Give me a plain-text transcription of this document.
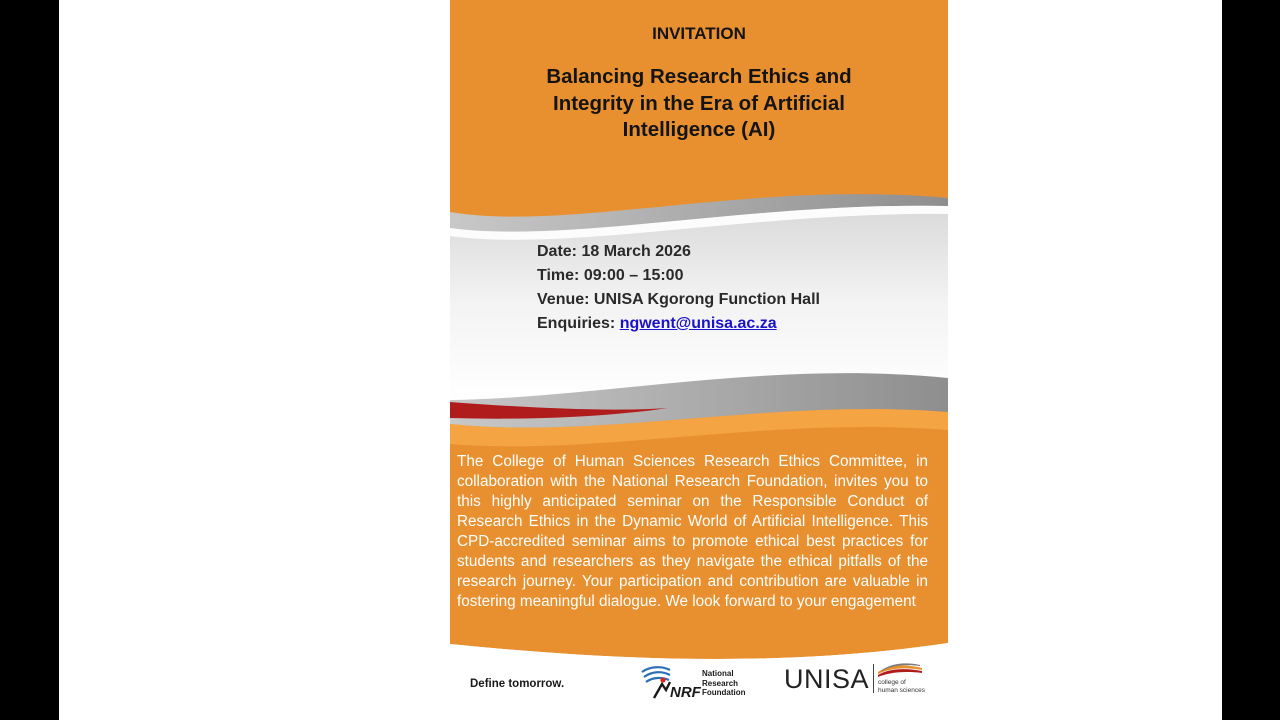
INVITATION
Balancing Research Ethics and
Integrity in the Era of Artificial
Intelligence (AI)
Date: 18 March 2026
Time: 09:00 – 15:00
Venue: UNISA Kgorong Function Hall
Enquiries: ngwent@unisa.ac.za
The College of Human Sciences Research Ethics Committee, in collaboration with the National Research Foundation, invites you to this highly anticipated seminar on the Responsible Conduct of Research Ethics in the Dynamic World of Artificial Intelligence. This CPD-accredited seminar aims to promote ethical best practices for students and researchers as they navigate the ethical pitfalls of the research journey. Your participation and contribution are valuable in fostering meaningful dialogue. We look forward to your engagement
Define tomorrow.	NRF
National
Research
Foundation UNISA college of
human sciences
